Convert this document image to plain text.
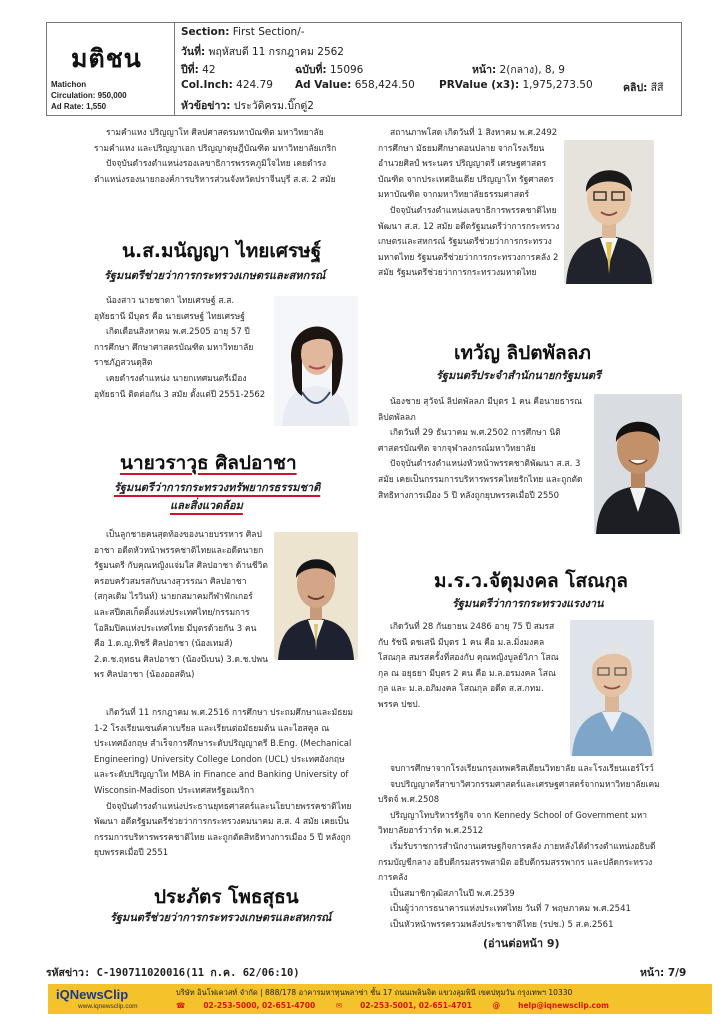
มติชน
Matichon
Circulation: 950,000
Ad Rate: 1,550
Section: First Section/-
วันที่: พฤหัสบดี 11 กรกฎาคม 2562
ปีที่: 42	ฉบับที่: 15096	หน้า: 2(กลาง), 8, 9
Col.Inch: 424.79 Ad Value: 658,424.50 PRValue (x3): 1,975,273.50	คลิป: สีสี
หัวข้อข่าว: ประวัติครม.บิ๊กตู่2

รามคำแหง ปริญญาโท ศิลปศาสตรมหาบัณฑิต มหาวิทยาลัยรามคำแหง และปริญญาเอก ปริญญาดุษฎีบัณฑิต มหาวิทยาลัยเกริก

ปัจจุบันดำรงตำแหน่งรองเลขาธิการพรรคภูมิใจไทย เคยดำรงตำแหน่งรองนายกองค์การบริหารส่วนจังหวัดปราจีนบุรี ส.ส. 2 สมัย

น.ส.มนัญญา ไทยเศรษฐ์
รัฐมนตรีช่วยว่าการกระทรวงเกษตรและสหกรณ์

น้องสาว นายชาดา ไทยเศรษฐ์ ส.ส. อุทัยธานี มีบุตร คือ นายเศรษฐ์ ไทยเศรษฐ์

เกิดเดือนสิงหาคม พ.ศ.2505 อายุ 57 ปี การศึกษา ศึกษาศาสตรบัณฑิต มหาวิทยาลัยราชภัฏสวนดุสิต

เคยดำรงตำแหน่ง นายกเทศมนตรีเมืองอุทัยธานี ติดต่อกัน 3 สมัย ตั้งแต่ปี 2551-2562

นายวราวุธ ศิลปอาชา
รัฐมนตรีว่าการกระทรวงทรัพยากรธรรมชาติ
และสิ่งแวดล้อม

เป็นลูกชายคนสุดท้องของนายบรรหาร ศิลปอาชา อดีตหัวหน้าพรรคชาติไทยและอดีตนายกรัฐมนตรี กับคุณหญิงแจ่มใส ศิลปอาชา ด้านชีวิตครอบครัวสมรสกับนางสุวรรณา ศิลปอาชา (สกุลเดิม ไรวินท์) นายกสมาคมกีฬาฟักเกอร์และสปีดสเก็ตติ้งแห่งประเทศไทย/กรรมการโอลิมปิคแห่งประเทศไทย มีบุตรด้วยกัน 3 คน คือ 1.ด.ญ.ทิชรี ศิลปอาชา (น้องเทมส์) 2.ด.ช.ฤทธน ศิลปอาชา (น้องบีเบน) 3.ด.ช.ปพนพร ศิลปอาชา (น้องออสติน)

เกิดวันที่ 11 กรกฎาคม พ.ศ.2516 การศึกษา ประถมศึกษาและมัธยม 1-2 โรงเรียนเซนต์คาเบรียล และเรียนต่อมัธยมต้น และไฮสคูล ณ ประเทศอังกฤษ สำเร็จการศึกษาระดับปริญญาตรี B.Eng. (Mechanical Engineering) University College London (UCL) ประเทศอังกฤษ และระดับปริญญาโท MBA in Finance and Banking University of Wisconsin-Madison ประเทศสหรัฐอเมริกา

ปัจจุบันดำรงตำแหน่งประธานยุทธศาสตร์และนโยบายพรรคชาติไทยพัฒนา อดีตรัฐมนตรีช่วยว่าการกระทรวงคมนาคม ส.ส. 4 สมัย เคยเป็นกรรมการบริหารพรรคชาติไทย และถูกตัดสิทธิทางการเมือง 5 ปี หลังถูกยุบพรรคเมื่อปี 2551

ประภัตร โพธสุธน
รัฐมนตรีช่วยว่าการกระทรวงเกษตรและสหกรณ์

สถานภาพโสด เกิดวันที่ 1 สิงหาคม พ.ศ.2492 การศึกษา มัธยมศึกษาตอนปลาย จากโรงเรียนอำนวยศิลป์ พระนคร ปริญญาตรี เศรษฐศาสตรบัณฑิต จากประเทศอินเดีย ปริญญาโท รัฐศาสตรมหาบัณฑิต จากมหาวิทยาลัยธรรมศาสตร์

ปัจจุบันดำรงตำแหน่งเลขาธิการพรรคชาติไทยพัฒนา ส.ส. 12 สมัย อดีตรัฐมนตรีว่าการกระทรวงเกษตรและสหกรณ์ รัฐมนตรีช่วยว่าการกระทรวงมหาดไทย รัฐมนตรีช่วยว่าการกระทรวงการคลัง 2 สมัย รัฐมนตรีช่วยว่าการกระทรวงมหาดไทย

เทวัญ ลิปตพัลลภ
รัฐมนตรีประจำสำนักนายกรัฐมนตรี

น้องชาย สุวัจน์ ลิปตพัลลภ มีบุตร 1 คน คือนายธารณ ลิปตพัลลภ

เกิดวันที่ 29 ธันวาคม พ.ศ.2502 การศึกษา นิติศาสตรบัณฑิต จากจุฬาลงกรณ์มหาวิทยาลัย

ปัจจุบันดำรงตำแหน่งหัวหน้าพรรคชาติพัฒนา ส.ส. 3 สมัย เคยเป็นกรรมการบริหารพรรคไทยรักไทย และถูกตัดสิทธิทางการเมือง 5 ปี หลังถูกยุบพรรคเมื่อปี 2550

ม.ร.ว.จัตุมงคล โสณกุล
รัฐมนตรีว่าการกระทรวงแรงงาน

เกิดวันที่ 28 กันยายน 2486 อายุ 75 ปี สมรสกับ รัชนี ตชเสนี มีบุตร 1 คน คือ ม.ล.มิ่งมงคล โสณกุล สมรสครั้งที่สองกับ คุณหญิงบูลย์วิภา โสณกุล ณ อยุธยา มีบุตร 2 คน คือ ม.ล.อรมงคล โสณกุล และ ม.ล.อภิมงคล โสณกุล อดีต ส.ส.กทม. พรรค ปชป.

จบการศึกษาจากโรงเรียนกรุงเทพคริสเตียนวิทยาลัย และโรงเรียนแฮร์โรว์

จบปริญญาตรีสาขาวิศวกรรมศาสตร์และเศรษฐศาสตร์จากมหาวิทยาลัยเคมบริดจ์ พ.ศ.2508

ปริญญาโทบริหารรัฐกิจ จาก Kennedy School of Government มหาวิทยาลัยฮาร์วาร์ด พ.ศ.2512

เริ่มรับราชการสำนักงานเศรษฐกิจการคลัง ภายหลังได้ดำรงตำแหน่งอธิบดีกรมบัญชีกลาง อธิบดีกรมสรรพสามิต อธิบดีกรมสรรพากร และปลัดกระทรวงการคลัง

เป็นสมาชิกวุฒิสภาในปี พ.ศ.2539

เป็นผู้ว่าการธนาคารแห่งประเทศไทย วันที่ 7 พฤษภาคม พ.ศ.2541

เป็นหัวหน้าพรรครวมพลังประชาชาติไทย (รปช.) 5 ส.ค.2561

(อ่านต่อหน้า 9)
รหัสข่าว: C-190711020016(11 ก.ค. 62/06:10)	หน้า: 7/9
iQNewsClip
www.iqnewsclip.com
บริษัท อินโฟเควสท์ จำกัด | 888/178 อาคารมหาทุนพลาซ่า ชั้น 17 ถนนเพลินจิต แขวงลุมพินี เขตปทุมวัน กรุงเทพฯ 10330
☎ 02-253-5000, 02-651-4700	✉ 02-253-5001, 02-651-4701	@ help@iqnewsclip.com
